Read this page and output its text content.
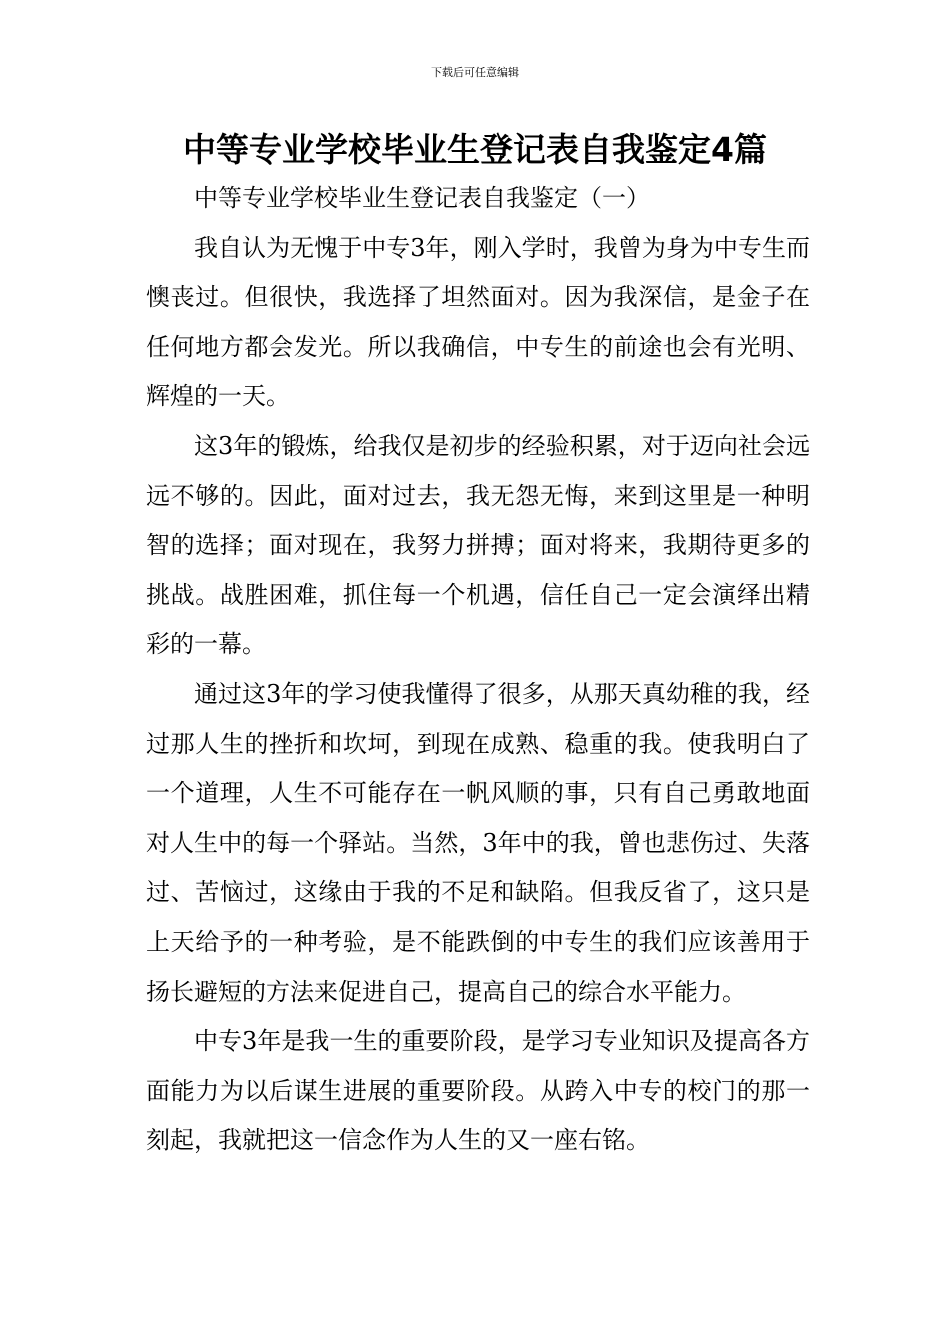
下载后可任意编辑
中等专业学校毕业生登记表自我鉴定4篇

中等专业学校毕业生登记表自我鉴定（一）

我自认为无愧于中专3年，刚入学时，我曾为身为中专生而懊丧过。但很快，我选择了坦然面对。因为我深信，是金子在任何地方都会发光。所以我确信，中专生的前途也会有光明、辉煌的一天。

这3年的锻炼，给我仅是初步的经验积累，对于迈向社会远远不够的。因此，面对过去，我无怨无悔，来到这里是一种明智的选择；面对现在，我努力拼搏；面对将来，我期待更多的挑战。战胜困难，抓住每一个机遇，信任自己一定会演绎出精彩的一幕。

通过这3年的学习使我懂得了很多，从那天真幼稚的我，经过那人生的挫折和坎坷，到现在成熟、稳重的我。使我明白了一个道理，人生不可能存在一帆风顺的事，只有自己勇敢地面对人生中的每一个驿站。当然，3年中的我，曾也悲伤过、失落过、苦恼过，这缘由于我的不足和缺陷。但我反省了，这只是上天给予的一种考验，是不能跌倒的中专生的我们应该善用于扬长避短的方法来促进自己，提高自己的综合水平能力。

中专3年是我一生的重要阶段，是学习专业知识及提高各方面能力为以后谋生进展的重要阶段。从跨入中专的校门的那一刻起，我就把这一信念作为人生的又一座右铭。
